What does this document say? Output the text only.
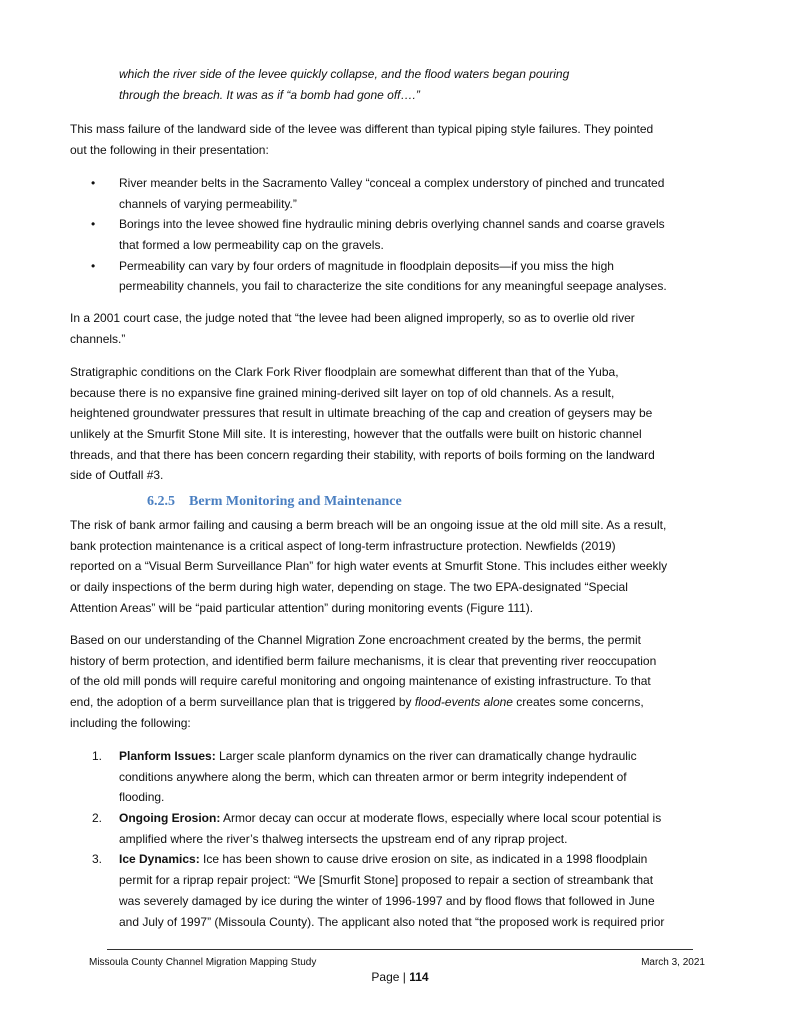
which the river side of the levee quickly collapse, and the flood waters began pouring
through the breach. It was as if “a bomb had gone off….”
This mass failure of the landward side of the levee was different than typical piping style failures. They pointed
out the following in their presentation:
• River meander belts in the Sacramento Valley “conceal a complex understory of pinched and truncated
channels of varying permeability.”
• Borings into the levee showed fine hydraulic mining debris overlying channel sands and coarse gravels
that formed a low permeability cap on the gravels.
• Permeability can vary by four orders of magnitude in floodplain deposits—if you miss the high
permeability channels, you fail to characterize the site conditions for any meaningful seepage analyses.
In a 2001 court case, the judge noted that “the levee had been aligned improperly, so as to overlie old river
channels.”
Stratigraphic conditions on the Clark Fork River floodplain are somewhat different than that of the Yuba,
because there is no expansive fine grained mining-derived silt layer on top of old channels. As a result,
heightened groundwater pressures that result in ultimate breaching of the cap and creation of geysers may be
unlikely at the Smurfit Stone Mill site. It is interesting, however that the outfalls were built on historic channel
threads, and that there has been concern regarding their stability, with reports of boils forming on the landward
side of Outfall #3.
6.2.5 Berm Monitoring and Maintenance
The risk of bank armor failing and causing a berm breach will be an ongoing issue at the old mill site. As a result,
bank protection maintenance is a critical aspect of long-term infrastructure protection. Newfields (2019)
reported on a “Visual Berm Surveillance Plan” for high water events at Smurfit Stone. This includes either weekly
or daily inspections of the berm during high water, depending on stage. The two EPA-designated “Special
Attention Areas” will be “paid particular attention” during monitoring events (Figure 111).
Based on our understanding of the Channel Migration Zone encroachment created by the berms, the permit
history of berm protection, and identified berm failure mechanisms, it is clear that preventing river reoccupation
of the old mill ponds will require careful monitoring and ongoing maintenance of existing infrastructure. To that
end, the adoption of a berm surveillance plan that is triggered by flood-events alone creates some concerns,
including the following:
1. Planform Issues: Larger scale planform dynamics on the river can dramatically change hydraulic
conditions anywhere along the berm, which can threaten armor or berm integrity independent of
flooding.
2. Ongoing Erosion: Armor decay can occur at moderate flows, especially where local scour potential is
amplified where the river’s thalweg intersects the upstream end of any riprap project.
3. Ice Dynamics: Ice has been shown to cause drive erosion on site, as indicated in a 1998 floodplain
permit for a riprap repair project: “We [Smurfit Stone] proposed to repair a section of streambank that
was severely damaged by ice during the winter of 1996-1997 and by flood flows that followed in June
and July of 1997” (Missoula County). The applicant also noted that “the proposed work is required prior
Missoula County Channel Migration Mapping Study	March 3, 2021
Page | 114
